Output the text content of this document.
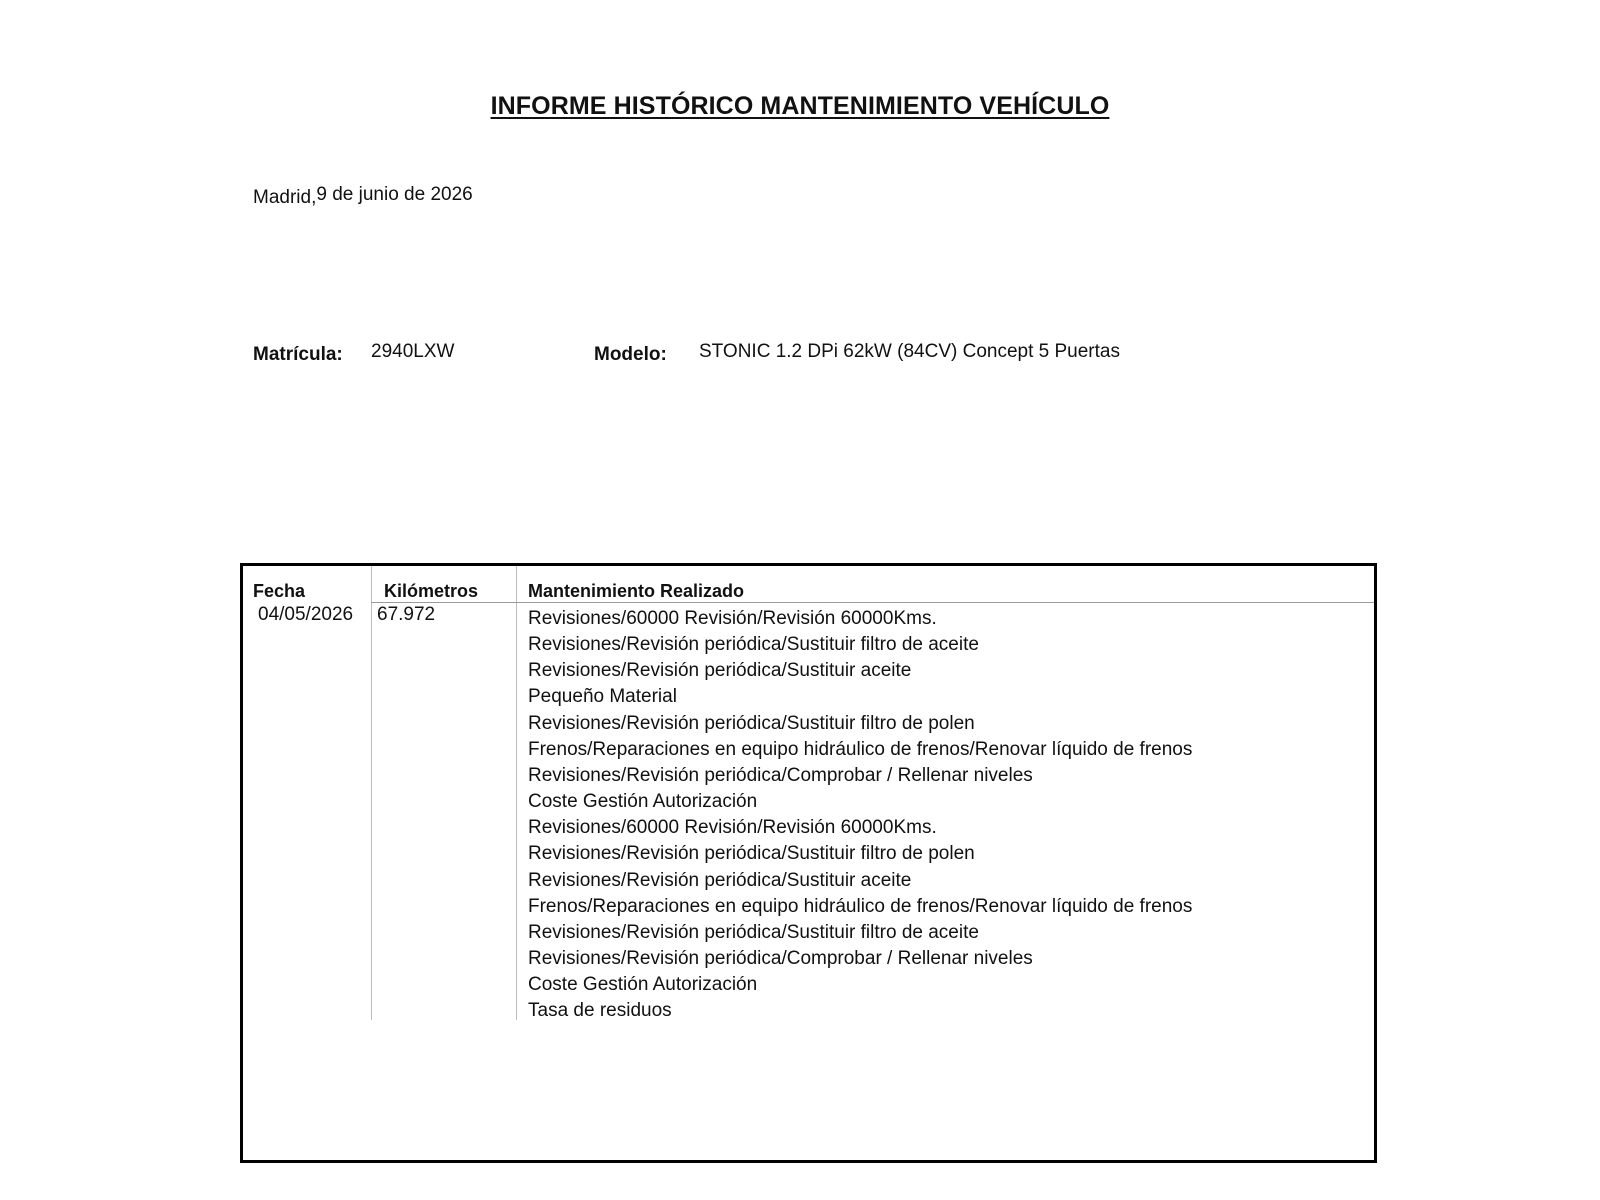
INFORME HISTÓRICO MANTENIMIENTO VEHÍCULO
Madrid,9 de junio de 2026
Matrícula: 2940LXW	Modelo: STONIC 1.2 DPi 62kW (84CV) Concept 5 Puertas
Fecha	Kilómetros	Mantenimiento Realizado
04/05/2026 67.972	Revisiones/60000 Revisión/Revisión 60000Kms.
Revisiones/Revisión periódica/Sustituir filtro de aceite
Revisiones/Revisión periódica/Sustituir aceite
Pequeño Material
Revisiones/Revisión periódica/Sustituir filtro de polen
Frenos/Reparaciones en equipo hidráulico de frenos/Renovar líquido de frenos
Revisiones/Revisión periódica/Comprobar / Rellenar niveles
Coste Gestión Autorización
Revisiones/60000 Revisión/Revisión 60000Kms.
Revisiones/Revisión periódica/Sustituir filtro de polen
Revisiones/Revisión periódica/Sustituir aceite
Frenos/Reparaciones en equipo hidráulico de frenos/Renovar líquido de frenos
Revisiones/Revisión periódica/Sustituir filtro de aceite
Revisiones/Revisión periódica/Comprobar / Rellenar niveles
Coste Gestión Autorización
Tasa de residuos
